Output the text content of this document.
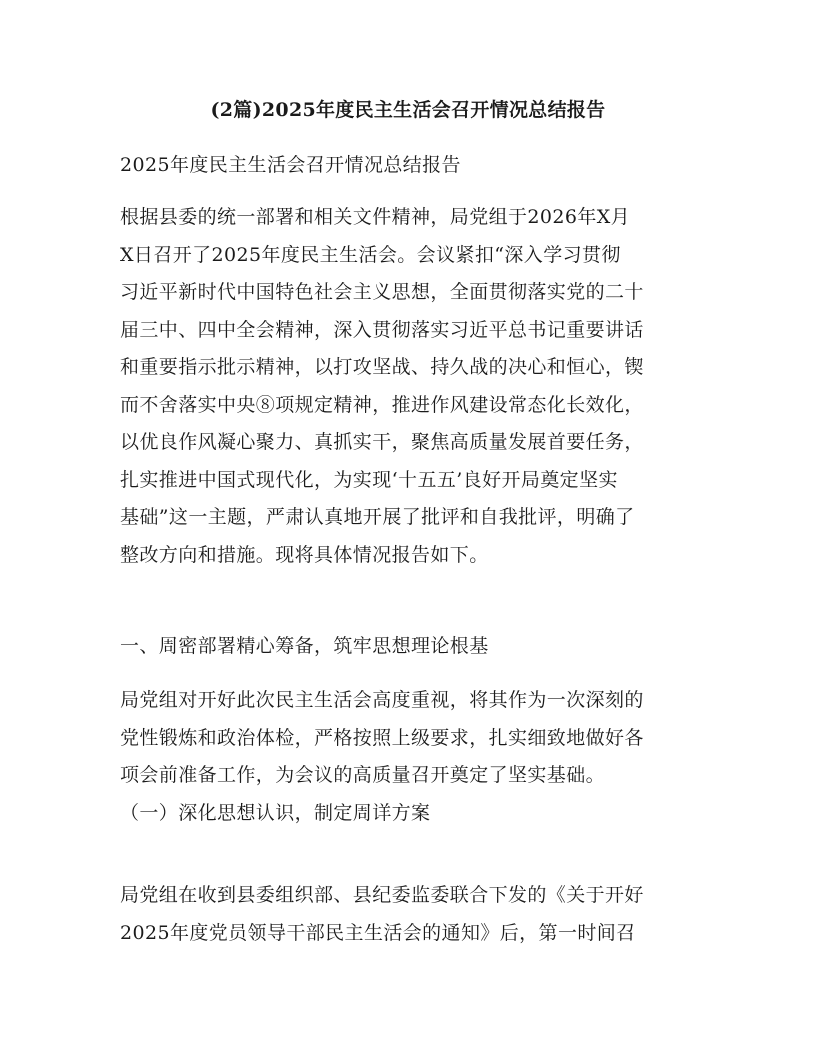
(2篇)2025年度民主生活会召开情况总结报告

2025年度民主生活会召开情况总结报告

根据县委的统一部署和相关文件精神，局党组于2026年X月
X日召开了2025年度民主生活会。会议紧扣“深入学习贯彻
习近平新时代中国特色社会主义思想，全面贯彻落实党的二十
届三中、四中全会精神，深入贯彻落实习近平总书记重要讲话
和重要指示批示精神，以打攻坚战、持久战的决心和恒心，锲
而不舍落实中央⑧项规定精神，推进作风建设常态化长效化，
以优良作风凝心聚力、真抓实干，聚焦高质量发展首要任务，
扎实推进中国式现代化，为实现‘十五五’良好开局奠定坚实
基础”这一主题，严肃认真地开展了批评和自我批评，明确了
整改方向和措施。现将具体情况报告如下。

一、周密部署精心筹备，筑牢思想理论根基

局党组对开好此次民主生活会高度重视，将其作为一次深刻的
党性锻炼和政治体检，严格按照上级要求，扎实细致地做好各
项会前准备工作，为会议的高质量召开奠定了坚实基础。

（一）深化思想认识，制定周详方案

局党组在收到县委组织部、县纪委监委联合下发的《关于开好
2025年度党员领导干部民主生活会的通知》后，第一时间召
